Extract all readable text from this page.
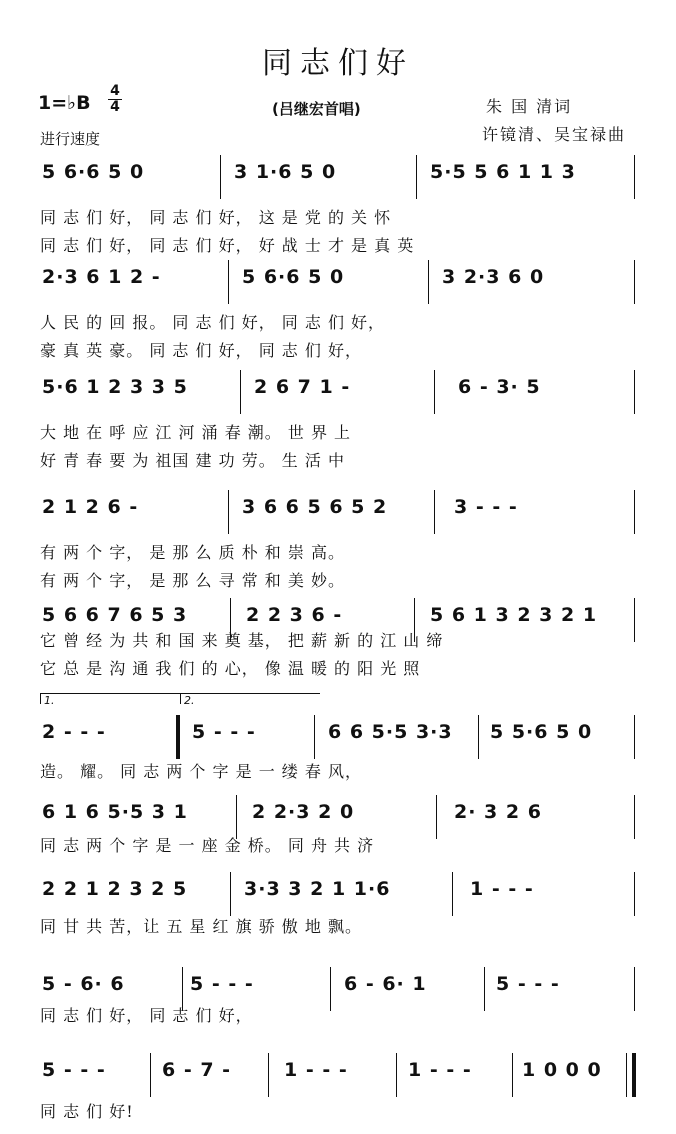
同志们好
1=♭B
4
4	(吕继宏首唱)	朱 国 清词
许镜清、吴宝禄曲
进行速度
5 6·6 5 0	3 1·6 5 0	5·5 5 6 1 1 3
同 志 们 好， 同 志 们 好， 这 是 党 的 关 怀
同 志 们 好， 同 志 们 好， 好 战 士 才 是 真 英
2·3 6 1 2 -	5 6·6 5 0	3 2·3 6 0
人 民 的 回 报。 同 志 们 好， 同 志 们 好，
豪 真 英 豪。 同 志 们 好， 同 志 们 好，
5·6 1 2 3 3 5	2 6 7 1 -	6 - 3· 5
大 地 在 呼 应 江 河 涌 春 潮。 世 界 上
好 青 春 要 为 祖国 建 功 劳。 生 活 中
2 1 2 6 -	3 6 6 5 6 5 2	3 - - -
有 两 个 字， 是 那 么 质 朴 和 崇 高。
有 两 个 字， 是 那 么 寻 常 和 美 妙。
5 6 6 7 6 5 3	2 2 3 6 -	5 6 1 3 2 3 2 1
它 曾 经 为 共 和 国 来 奠 基， 把 薪 新 的 江 山 缔
它 总 是 沟 通 我 们 的 心， 像 温 暖 的 阳 光 照
1.	2.
2 - - -	5 - - -	6 6 5·5 3·3 5 5·6 5 0
造。 耀。 同 志 两 个 字 是 一 缕 春 风，
6 1 6 5·5 3 1	2 2·3 2 0	2· 3 2 6
同 志 两 个 字 是 一 座 金 桥。 同 舟 共 济
2 2 1 2 3 2 5	3·3 3 2 1 1·6	1 - - -
同 甘 共 苦，让 五 星 红 旗 骄 傲 地 飘。
5 - 6· 6	5 - - -	6 - 6· 1	5 - - -
同 志 们 好， 同 志 们 好，
5 - - -	6 - 7 -	1 - - -	1 - - -	1 0 0 0
同 志 们 好!
